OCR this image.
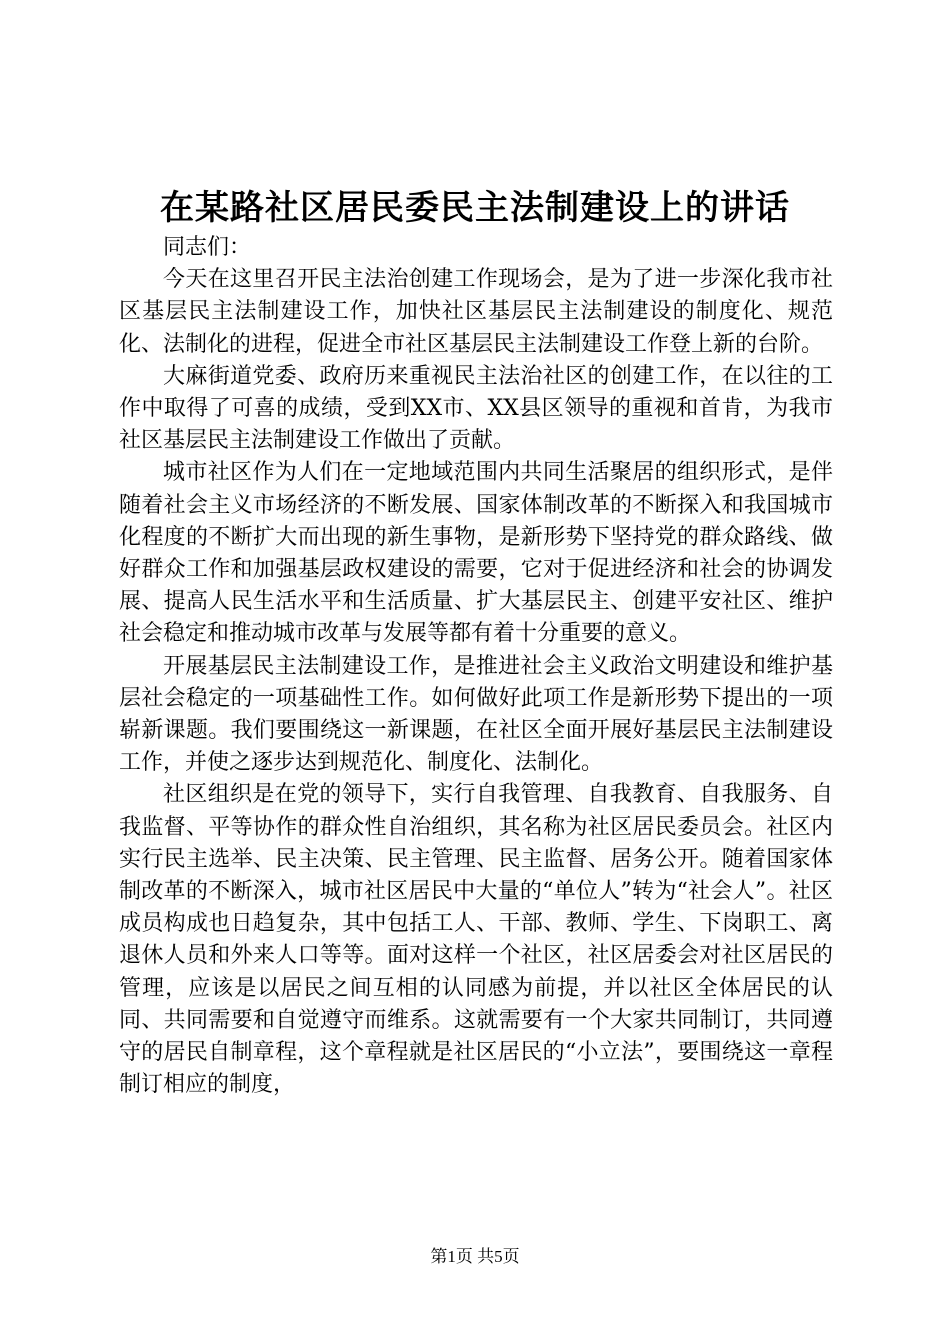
在某路社区居民委民主法制建设上的讲话

同志们：

今天在这里召开民主法治创建工作现场会，是为了进一步深化我市社区基层民主法制建设工作，加快社区基层民主法制建设的制度化、规范化、法制化的进程，促进全市社区基层民主法制建设工作登上新的台阶。

大麻街道党委、政府历来重视民主法治社区的创建工作，在以往的工作中取得了可喜的成绩，受到XX市、XX县区领导的重视和首肯，为我市社区基层民主法制建设工作做出了贡献。

城市社区作为人们在一定地域范围内共同生活聚居的组织形式，是伴随着社会主义市场经济的不断发展、国家体制改革的不断探入和我国城市化程度的不断扩大而出现的新生事物，是新形势下坚持党的群众路线、做好群众工作和加强基层政权建设的需要，它对于促进经济和社会的协调发展、提高人民生活水平和生活质量、扩大基层民主、创建平安社区、维护社会稳定和推动城市改革与发展等都有着十分重要的意义。

开展基层民主法制建设工作，是推进社会主义政治文明建设和维护基层社会稳定的一项基础性工作。如何做好此项工作是新形势下提出的一项崭新课题。我们要围绕这一新课题，在社区全面开展好基层民主法制建设工作，并使之逐步达到规范化、制度化、法制化。

社区组织是在党的领导下，实行自我管理、自我教育、自我服务、自我监督、平等协作的群众性自治组织，其名称为社区居民委员会。社区内实行民主选举、民主决策、民主管理、民主监督、居务公开。随着国家体制改革的不断深入，城市社区居民中大量的“单位人”转为“社会人”。社区成员构成也日趋复杂，其中包括工人、干部、教师、学生、下岗职工、离退休人员和外来人口等等。面对这样一个社区，社区居委会对社区居民的管理，应该是以居民之间互相的认同感为前提，并以社区全体居民的认同、共同需要和自觉遵守而维系。这就需要有一个大家共同制订，共同遵守的居民自制章程，这个章程就是社区居民的“小立法”，要围绕这一章程制订相应的制度，

第1页 共5页
